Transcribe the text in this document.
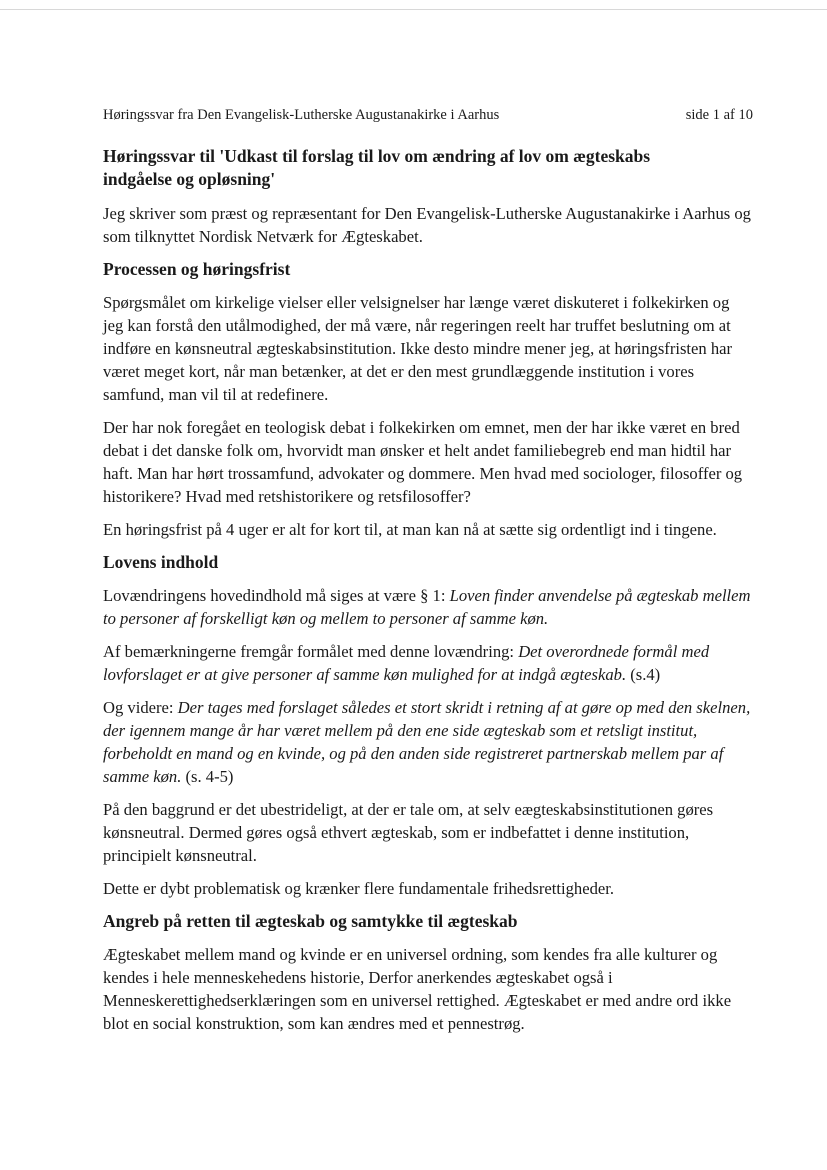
Høringssvar fra Den Evangelisk-Lutherske Augustanakirke i Aarhus	side 1 af 10
Høringssvar til 'Udkast til forslag til lov om ændring af lov om ægteskabs indgåelse og opløsning'

Jeg skriver som præst og repræsentant for Den Evangelisk-Lutherske Augustanakirke i Aarhus og som tilknyttet Nordisk Netværk for Ægteskabet.

Processen og høringsfrist

Spørgsmålet om kirkelige vielser eller velsignelser har længe været diskuteret i folkekirken og jeg kan forstå den utålmodighed, der må være, når regeringen reelt har truffet beslutning om at indføre en kønsneutral ægteskabsinstitution. Ikke desto mindre mener jeg, at høringsfristen har været meget kort, når man betænker, at det er den mest grundlæggende institution i vores samfund, man vil til at redefinere.

Der har nok foregået en teologisk debat i folkekirken om emnet, men der har ikke været en bred debat i det danske folk om, hvorvidt man ønsker et helt andet familiebegreb end man hidtil har haft. Man har hørt trossamfund, advokater og dommere. Men hvad med sociologer, filosoffer og historikere? Hvad med retshistorikere og retsfilosoffer?

En høringsfrist på 4 uger er alt for kort til, at man kan nå at sætte sig ordentligt ind i tingene.

Lovens indhold

Lovændringens hovedindhold må siges at være § 1: Loven finder anvendelse på ægteskab mellem to personer af forskelligt køn og mellem to personer af samme køn.

Af bemærkningerne fremgår formålet med denne lovændring: Det overordnede formål med lovforslaget er at give personer af samme køn mulighed for at indgå ægteskab. (s.4)

Og videre: Der tages med forslaget således et stort skridt i retning af at gøre op med den skelnen, der igennem mange år har været mellem på den ene side ægteskab som et retsligt institut, forbeholdt en mand og en kvinde, og på den anden side registreret partnerskab mellem par af samme køn. (s. 4-5)

På den baggrund er det ubestrideligt, at der er tale om, at selv eægteskabsinstitutionen gøres kønsneutral. Dermed gøres også ethvert ægteskab, som er indbefattet i denne institution, principielt kønsneutral.

Dette er dybt problematisk og krænker flere fundamentale frihedsrettigheder.

Angreb på retten til ægteskab og samtykke til ægteskab

Ægteskabet mellem mand og kvinde er en universel ordning, som kendes fra alle kulturer og kendes i hele menneskehedens historie, Derfor anerkendes ægteskabet også i Menneskerettighedserklæringen som en universel rettighed. Ægteskabet er med andre ord ikke blot en social konstruktion, som kan ændres med et pennestrøg.
